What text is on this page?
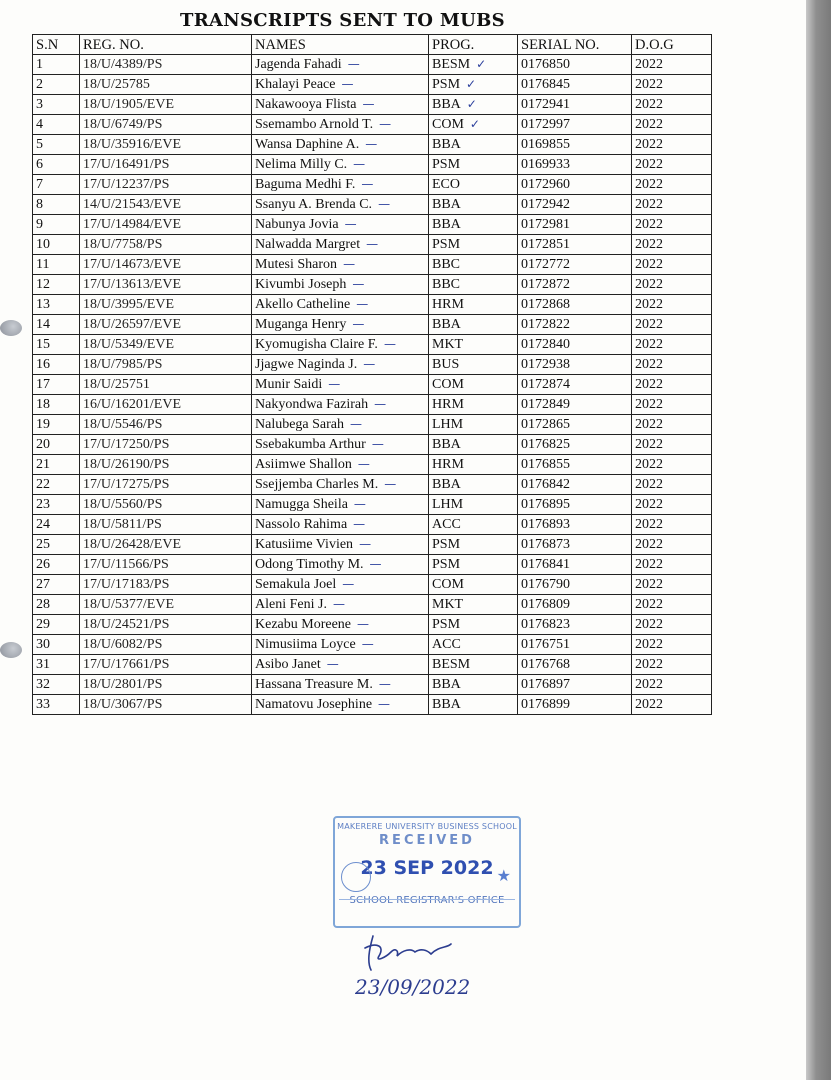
TRANSCRIPTS SENT TO MUBS
S.N	REG. NO.	NAMES	PROG.	SERIAL NO.	D.O.G
1	18/U/4389/PS	Jagenda Fahadi —	BESM ✓	0176850	2022
2	18/U/25785	Khalayi Peace —	PSM ✓	0176845	2022
3	18/U/1905/EVE	Nakawooya Flista —	BBA ✓	0172941	2022
4	18/U/6749/PS	Ssemambo Arnold T. —	COM ✓	0172997	2022
5	18/U/35916/EVE	Wansa Daphine A. —	BBA	0169855	2022
6	17/U/16491/PS	Nelima Milly C. —	PSM	0169933	2022
7	17/U/12237/PS	Baguma Medhi F. —	ECO	0172960	2022
8	14/U/21543/EVE	Ssanyu A. Brenda C. —	BBA	0172942	2022
9	17/U/14984/EVE	Nabunya Jovia —	BBA	0172981	2022
10	18/U/7758/PS	Nalwadda Margret —	PSM	0172851	2022
11	17/U/14673/EVE	Mutesi Sharon —	BBC	0172772	2022
12	17/U/13613/EVE	Kivumbi Joseph —	BBC	0172872	2022
13	18/U/3995/EVE	Akello Catheline —	HRM	0172868	2022
14	18/U/26597/EVE	Muganga Henry —	BBA	0172822	2022
15	18/U/5349/EVE	Kyomugisha Claire F. —	MKT	0172840	2022
16	18/U/7985/PS	Jjagwe Naginda J. —	BUS	0172938	2022
17	18/U/25751	Munir Saidi —	COM	0172874	2022
18	16/U/16201/EVE	Nakyondwa Fazirah —	HRM	0172849	2022
19	18/U/5546/PS	Nalubega Sarah —	LHM	0172865	2022
20	17/U/17250/PS	Ssebakumba Arthur —	BBA	0176825	2022
21	18/U/26190/PS	Asiimwe Shallon —	HRM	0176855	2022
22	17/U/17275/PS	Ssejjemba Charles M. —	BBA	0176842	2022
23	18/U/5560/PS	Namugga Sheila —	LHM	0176895	2022
24	18/U/5811/PS	Nassolo Rahima —	ACC	0176893	2022
25	18/U/26428/EVE	Katusiime Vivien —	PSM	0176873	2022
26	17/U/11566/PS	Odong Timothy M. —	PSM	0176841	2022
27	17/U/17183/PS	Semakula Joel —	COM	0176790	2022
28	18/U/5377/EVE	Aleni Feni J. —	MKT	0176809	2022
29	18/U/24521/PS	Kezabu Moreene —	PSM	0176823	2022
30	18/U/6082/PS	Nimusiima Loyce —	ACC	0176751	2022
31	17/U/17661/PS	Asibo Janet —	BESM	0176768	2022
32	18/U/2801/PS	Hassana Treasure M. —	BBA	0176897	2022
33	18/U/3067/PS	Namatovu Josephine —	BBA	0176899	2022
MAKERERE UNIVERSITY BUSINESS SCHOOL
RECEIVED
23 SEP 2022 ★
SCHOOL REGISTRAR'S OFFICE
23/09/2022
